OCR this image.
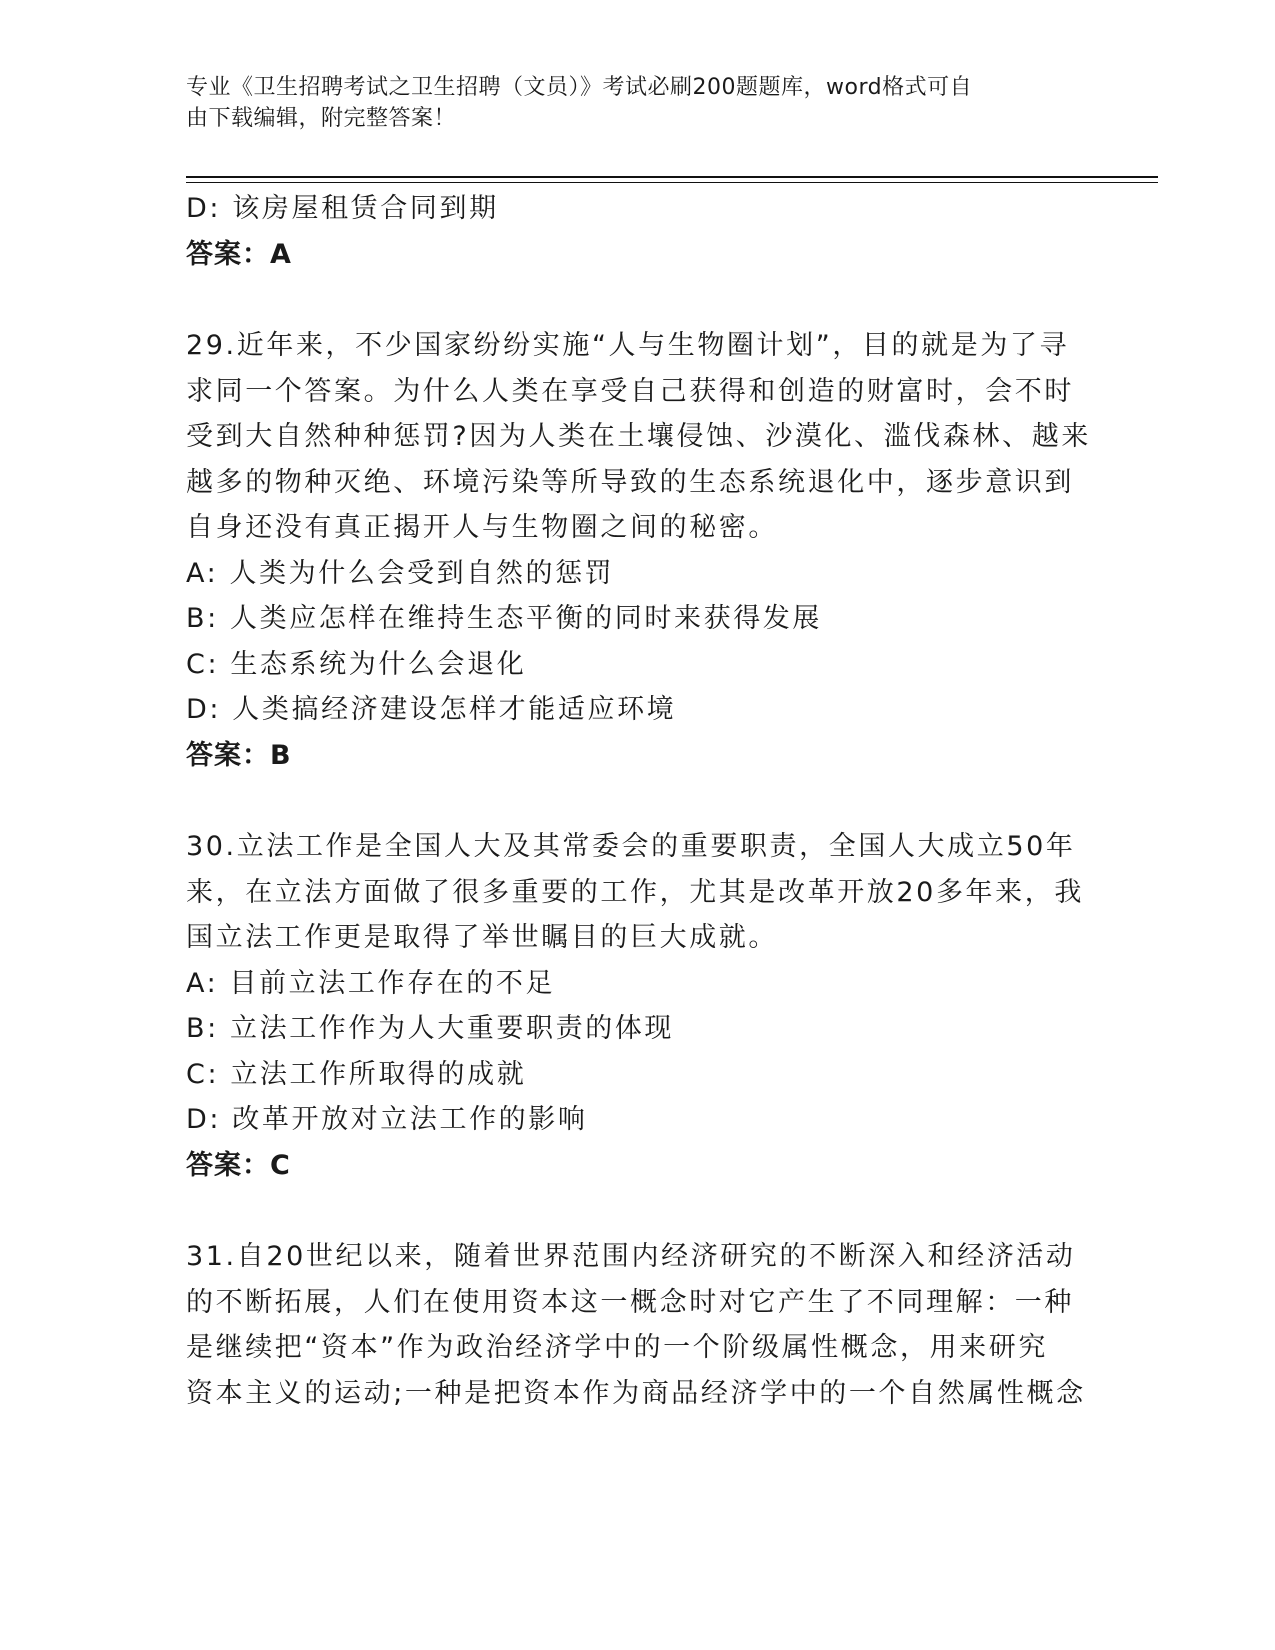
专业《卫生招聘考试之卫生招聘（文员）》考试必刷200题题库，word格式可自
由下载编辑，附完整答案！
D: 该房屋租赁合同到期
答案：A
29.近年来，不少国家纷纷实施“人与生物圈计划”，目的就是为了寻
求同一个答案。为什么人类在享受自己获得和创造的财富时，会不时
受到大自然种种惩罚?因为人类在土壤侵蚀、沙漠化、滥伐森林、越来
越多的物种灭绝、环境污染等所导致的生态系统退化中，逐步意识到
自身还没有真正揭开人与生物圈之间的秘密。
A: 人类为什么会受到自然的惩罚
B: 人类应怎样在维持生态平衡的同时来获得发展
C: 生态系统为什么会退化
D: 人类搞经济建设怎样才能适应环境
答案：B
30.立法工作是全国人大及其常委会的重要职责，全国人大成立50年
来，在立法方面做了很多重要的工作，尤其是改革开放20多年来，我
国立法工作更是取得了举世瞩目的巨大成就。
A: 目前立法工作存在的不足
B: 立法工作作为人大重要职责的体现
C: 立法工作所取得的成就
D: 改革开放对立法工作的影响
答案：C
31.自20世纪以来，随着世界范围内经济研究的不断深入和经济活动
的不断拓展，人们在使用资本这一概念时对它产生了不同理解：一种
是继续把“资本”作为政治经济学中的一个阶级属性概念，用来研究
资本主义的运动;一种是把资本作为商品经济学中的一个自然属性概念
